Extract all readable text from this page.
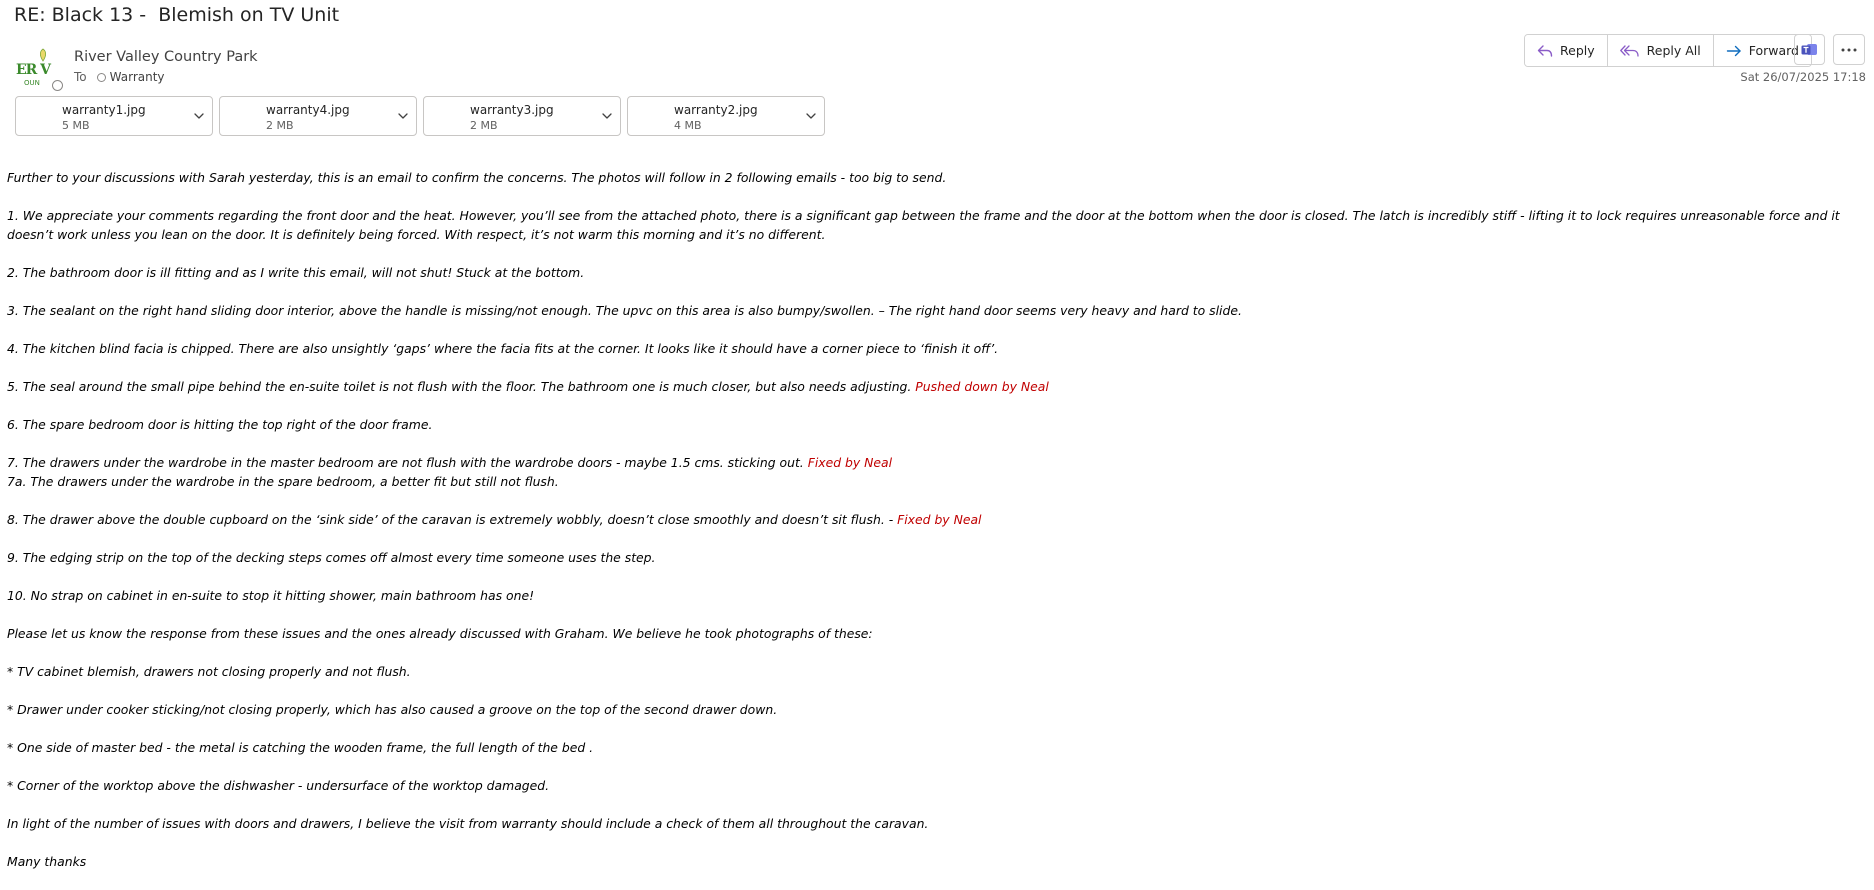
RE: Black 13 -  Blemish on TV Unit
ER V
OUN
River Valley Country Park
To Warranty
Reply	Reply All	Forward
Sat 26/07/2025 17:18
warranty1.jpg
5 MB
warranty4.jpg
2 MB
warranty3.jpg
2 MB
warranty2.jpg
4 MB

Further to your discussions with Sarah yesterday, this is an email to confirm the concerns. The photos will follow in 2 following emails - too big to send.

1. We appreciate your comments regarding the front door and the heat. However, you’ll see from the attached photo, there is a significant gap between the frame and the door at the bottom when the door is closed. The latch is incredibly stiff - lifting it to lock requires unreasonable force and it doesn’t work unless you lean on the door. It is definitely being forced. With respect, it’s not warm this morning and it’s no different.

2. The bathroom door is ill fitting and as I write this email, will not shut! Stuck at the bottom.

3. The sealant on the right hand sliding door interior, above the handle is missing/not enough. The upvc on this area is also bumpy/swollen. – The right hand door seems very heavy and hard to slide.

4. The kitchen blind facia is chipped. There are also unsightly ‘gaps’ where the facia fits at the corner. It looks like it should have a corner piece to ‘finish it off’.

5. The seal around the small pipe behind the en-suite toilet is not flush with the floor. The bathroom one is much closer, but also needs adjusting. Pushed down by Neal

6. The spare bedroom door is hitting the top right of the door frame.

7. The drawers under the wardrobe in the master bedroom are not flush with the wardrobe doors - maybe 1.5 cms. sticking out. Fixed by Neal

7a. The drawers under the wardrobe in the spare bedroom, a better fit but still not flush.

8. The drawer above the double cupboard on the ‘sink side’ of the caravan is extremely wobbly, doesn’t close smoothly and doesn’t sit flush. - Fixed by Neal

9. The edging strip on the top of the decking steps comes off almost every time someone uses the step.

10. No strap on cabinet in en-suite to stop it hitting shower, main bathroom has one!

Please let us know the response from these issues and the ones already discussed with Graham. We believe he took photographs of these:

* TV cabinet blemish, drawers not closing properly and not flush.

* Drawer under cooker sticking/not closing properly, which has also caused a groove on the top of the second drawer down.

* One side of master bed - the metal is catching the wooden frame, the full length of the bed .

* Corner of the worktop above the dishwasher - undersurface of the worktop damaged.

In light of the number of issues with doors and drawers, I believe the visit from warranty should include a check of them all throughout the caravan.

Many thanks
